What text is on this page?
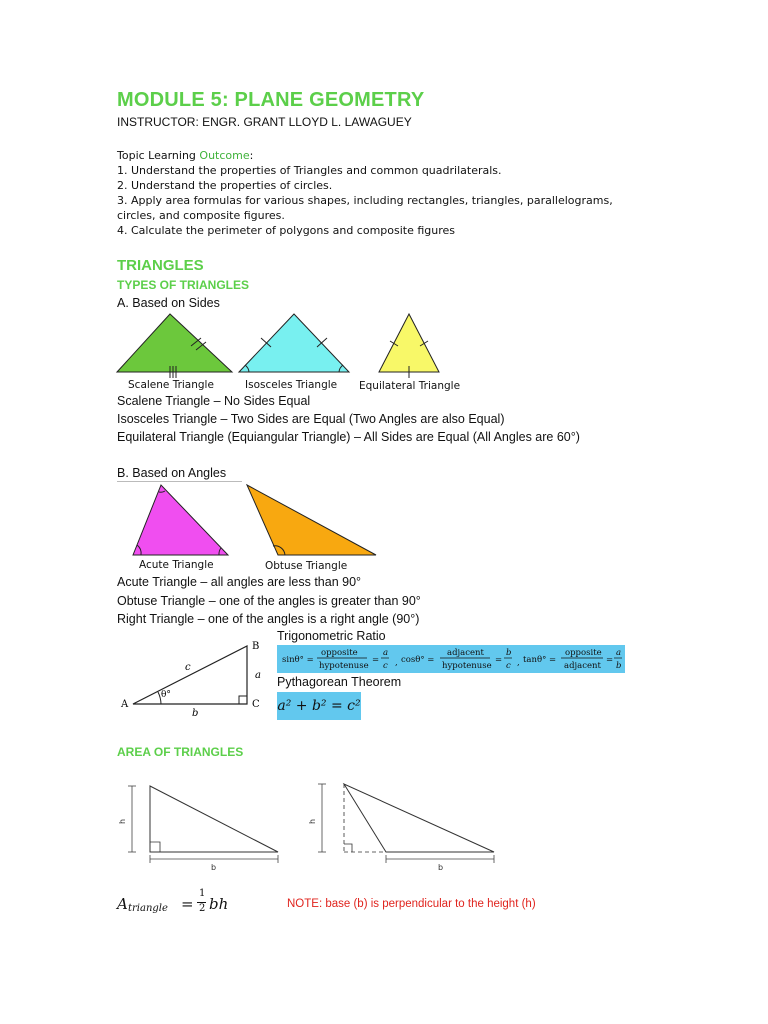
MODULE 5: PLANE GEOMETRY
INSTRUCTOR: ENGR. GRANT LLOYD L. LAWAGUEY
Topic Learning Outcome:
1. Understand the properties of Triangles and common quadrilaterals.
2. Understand the properties of circles.
3. Apply area formulas for various shapes, including rectangles, triangles, parallelograms,
circles, and composite figures.
4. Calculate the perimeter of polygons and composite figures
TRIANGLES
TYPES OF TRIANGLES
A. Based on Sides
Scalene Triangle	Isosceles Triangle Equilateral Triangle
Scalene Triangle – No Sides Equal
Isosceles Triangle – Two Sides are Equal (Two Angles are also Equal)
Equilateral Triangle (Equiangular Triangle) – All Sides are Equal (All Angles are 60°)
B. Based on Angles
Acute Triangle	Obtuse Triangle
Acute Triangle – all angles are less than 90°
Obtuse Triangle – one of the angles is greater than 90°
Right Triangle – one of the angles is a right angle (90°)
A
B
C
a
b
c
θ°
Trigonometric Ratio
sinθ° =
opposite
hypotenuse
=
a
c , cosθ° =
adjacent
hypotenuse
=
b
c , tanθ° =
opposite
adjacent
=
a
b
Pythagorean Theorem
a² + b² = c²
AREA OF TRIANGLES
h
b
h
b
A triangle =
1
2 bh	NOTE: base (b) is perpendicular to the height (h)
